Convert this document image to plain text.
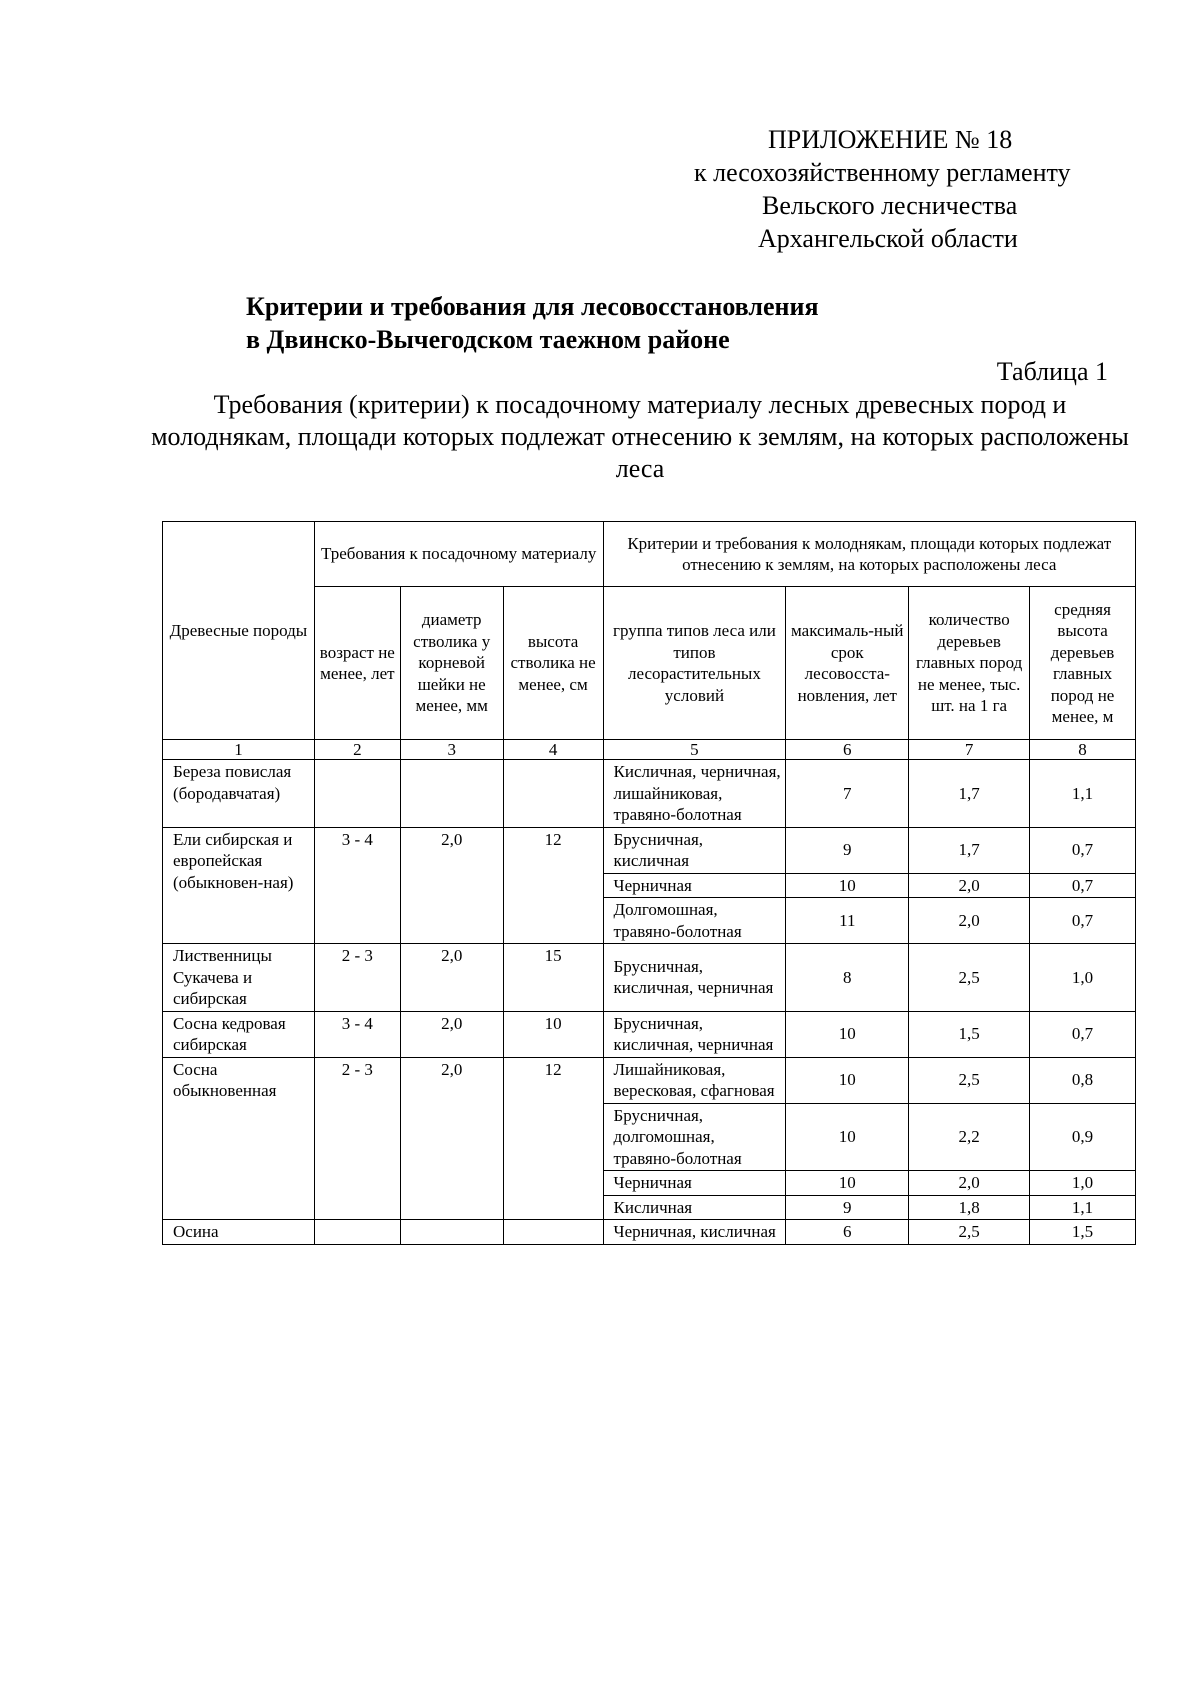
ПРИЛОЖЕНИЕ № 18
к лесохозяйственному регламенту
Вельского лесничества
Архангельской области
Критерии и требования для лесовосстановления
в Двинско-Вычегодском таежном районе
Таблица 1
Требования (критерии) к посадочному материалу лесных древесных пород и молоднякам, площади которых подлежат отнесению к землям, на которых расположены леса
Древесные породы	Требования к посадочному материалу			Критерии и требования к молоднякам, площади которых подлежат отнесению к землям, на которых расположены леса			
	возраст не менее, лет	диаметр стволика у корневой шейки не менее, мм	высота стволика не менее, см	группа типов леса или типов лесорастительных условий	максималь-ный срок лесовосста-новления, лет	количество деревьев главных пород не менее, тыс. шт. на 1 га	средняя высота деревьев главных пород не менее, м
1	2	3	4	5	6	7	8
Береза повислая (бородавчатая)				Кисличная, черничная, лишайниковая, травяно-болотная	7	1,7	1,1
Ели сибирская и европейская (обыкновен-ная)	3 - 4	2,0	12	Брусничная, кисличная	9	1,7	0,7
				Черничная	10	2,0	0,7
				Долгомошная, травяно-болотная	11	2,0	0,7
Лиственницы Сукачева и сибирская	2 - 3	2,0	15	Брусничная, кисличная, черничная	8	2,5	1,0
Сосна кедровая сибирская	3 - 4	2,0	10	Брусничная, кисличная, черничная	10	1,5	0,7
Сосна обыкновенная	2 - 3	2,0	12	Лишайниковая, вересковая, сфагновая	10	2,5	0,8
				Брусничная, долгомошная, травяно-болотная	10	2,2	0,9
				Черничная	10	2,0	1,0
				Кисличная	9	1,8	1,1
Осина				Черничная, кисличная	6	2,5	1,5
